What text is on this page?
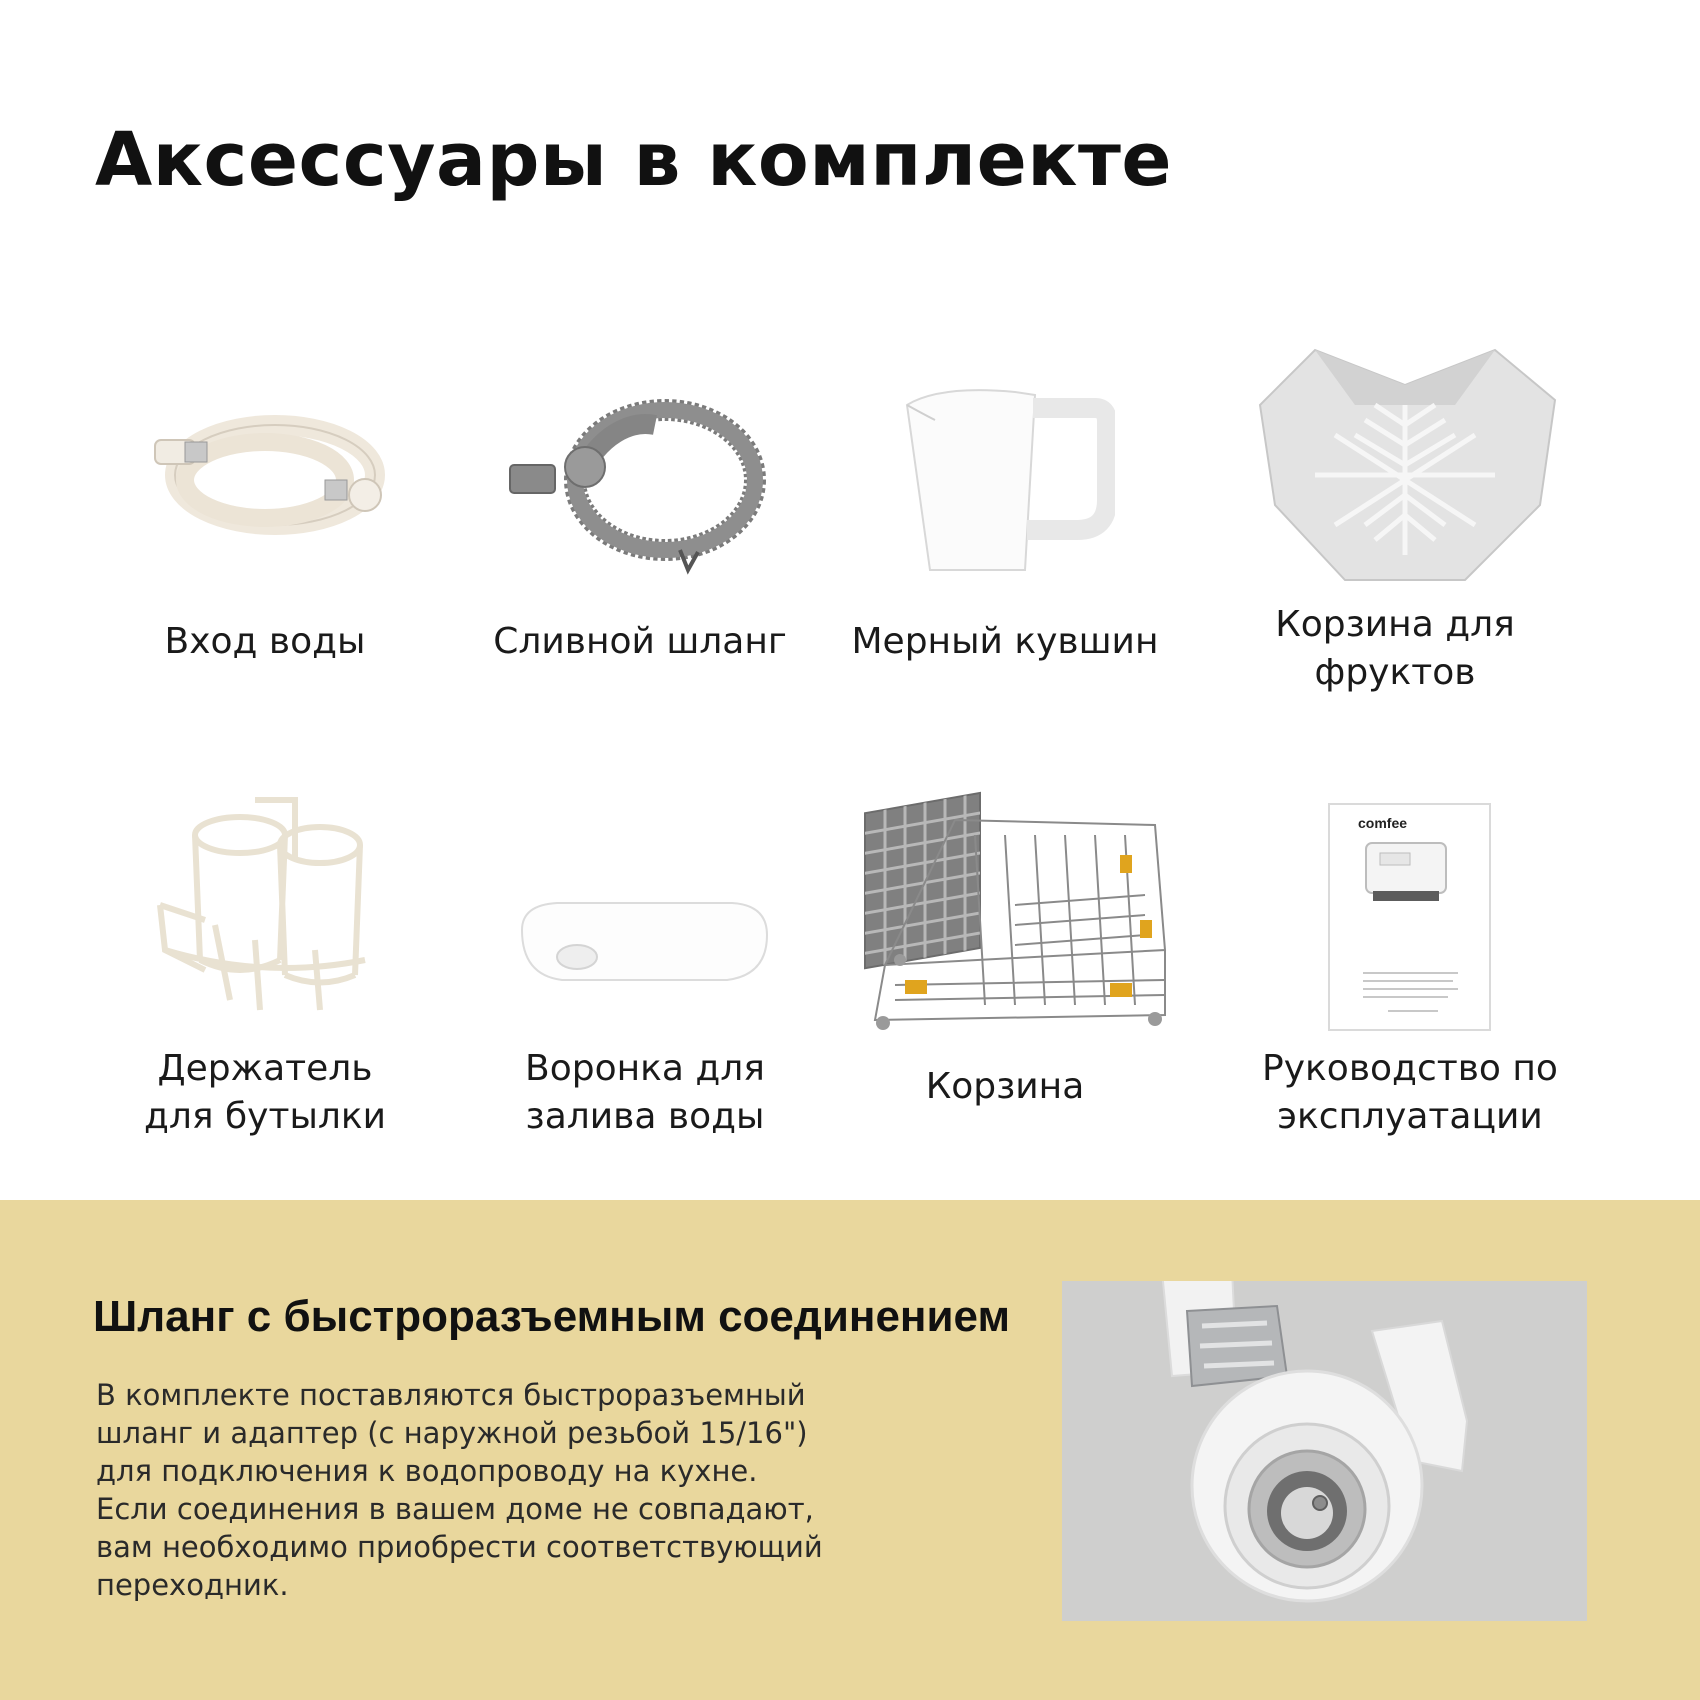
Аксессуары в комплекте
Вход воды	Сливной шланг	Мерный кувшин	Корзина для
фруктов
comfee
Держатель
для бутылки
Воронка для
залива воды
Корзина	Руководство по
эксплуатации
Шланг с быстроразъемным соединением
В комплекте поставляются быстроразъемный
шланг и адаптер (с наружной резьбой 15/16")
для подключения к водопроводу на кухне.
Если соединения в вашем доме не совпадают,
вам необходимо приобрести соответствующий
переходник.
